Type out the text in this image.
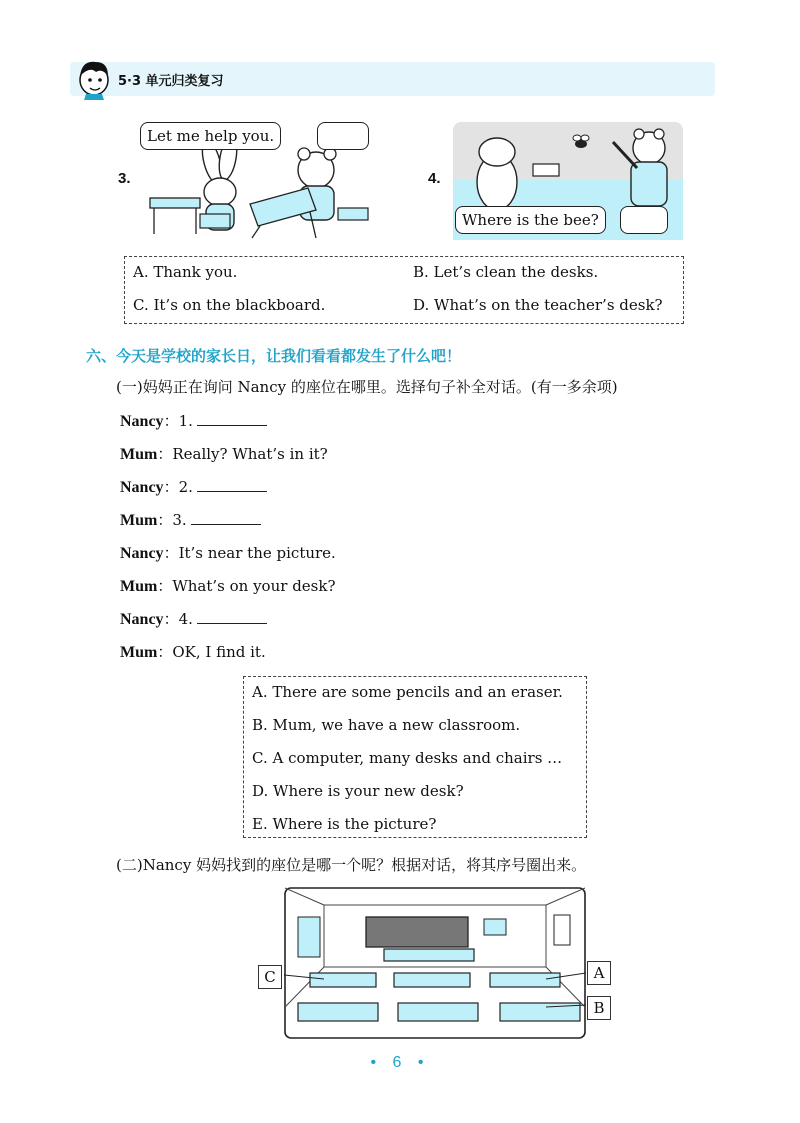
5·3 单元归类复习
3.
Let me help you.
4.
Where is the bee?
A. Thank you.	B. Let’s clean the desks.
C. It’s on the blackboard.	D. What’s on the teacher’s desk?
六、今天是学校的家长日，让我们看看都发生了什么吧！
(一)妈妈正在询问 Nancy 的座位在哪里。选择句子补全对话。(有一多余项)
Nancy：1.
Mum：Really? What’s in it?
Nancy：2.
Mum：3.
Nancy：It’s near the picture.
Mum：What’s on your desk?
Nancy：4.
Mum：OK, I find it.
A. There are some pencils and an eraser.
B. Mum, we have a new classroom.
C. A computer, many desks and chairs …
D. Where is your new desk?
E. Where is the picture?
(二)Nancy 妈妈找到的座位是哪一个呢？根据对话，将其序号圈出来。
C	A
B
• 6 •
